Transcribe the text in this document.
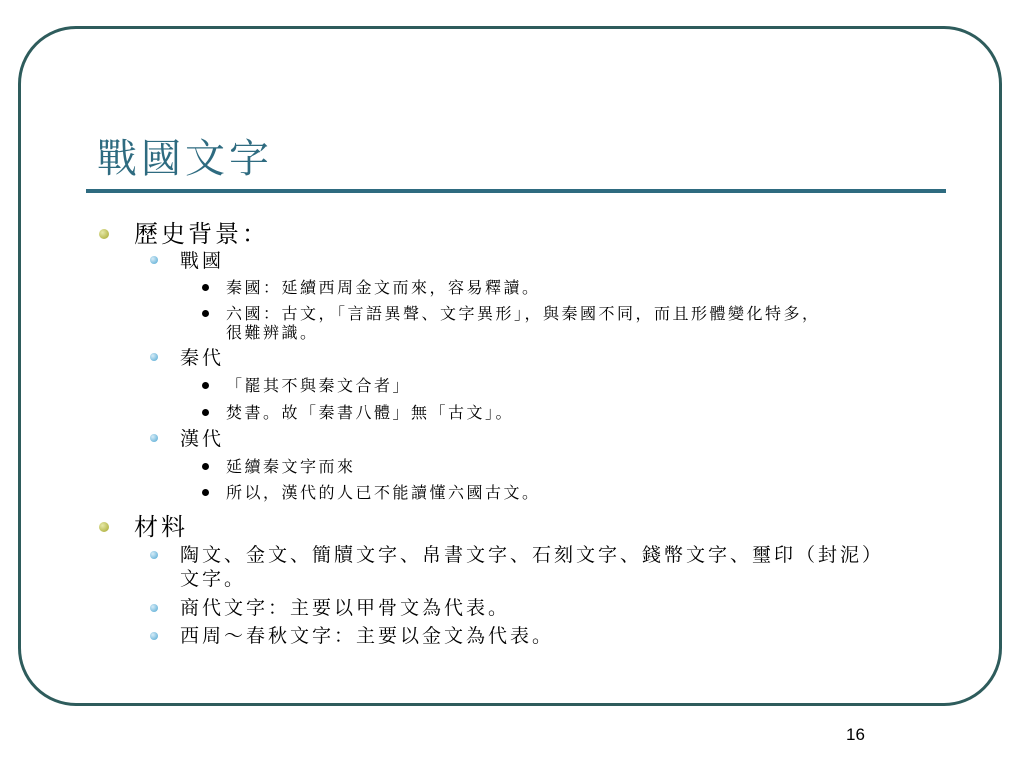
戰國文字
歷史背景：
戰國
秦國：延續西周金文而來，容易釋讀。
六國：古文，「言語異聲、文字異形」，與秦國不同，而且形體變化特多，
很難辨識。
秦代
「罷其不與秦文合者」
焚書。故「秦書八體」無「古文」。
漢代
延續秦文字而來
所以，漢代的人已不能讀懂六國古文。
材料
陶文、金文、簡牘文字、帛書文字、石刻文字、錢幣文字、璽印（封泥）
文字。
商代文字：主要以甲骨文為代表。
西周～春秋文字：主要以金文為代表。
16
